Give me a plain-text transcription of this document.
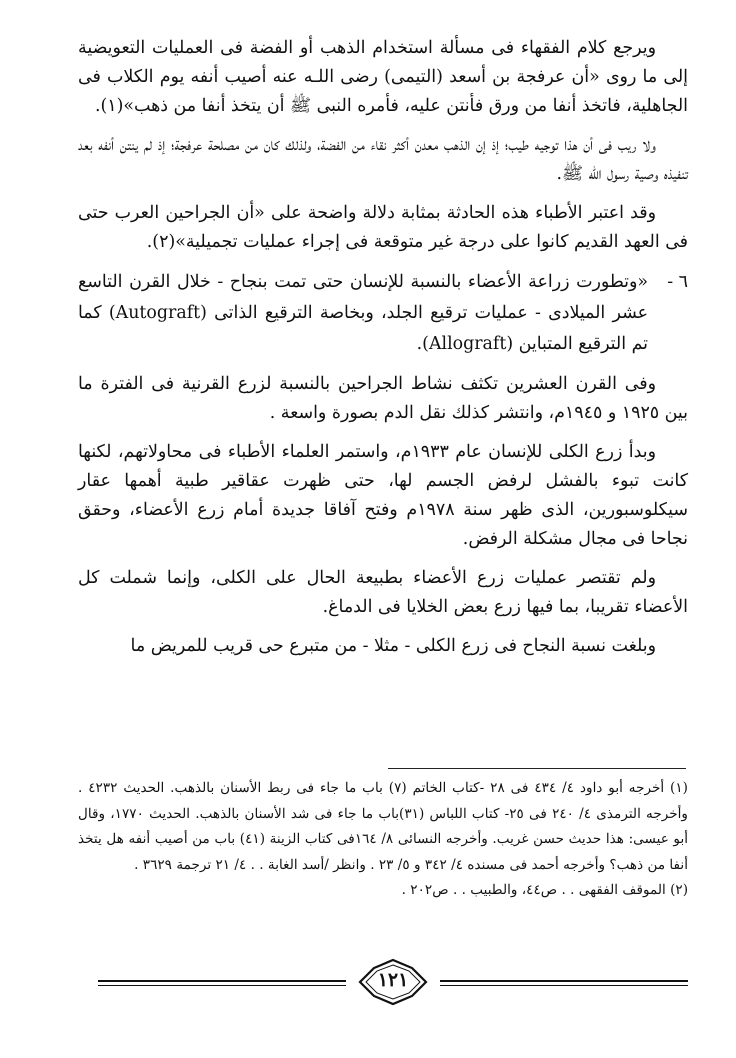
ويرجع كلام الفقهاء فى مسألة استخدام الذهب أو الفضة فى العمليات التعويضية إلى ما روى «أن عرفجة بن أسعد (التيمى) رضى اللـه عنه أصيب أنفه يوم الكلاب فى الجاهلية، فاتخذ أنفا من ورق فأنتن عليه، فأمره النبى ﷺ أن يتخذ أنفا من ذهب»(١).

ولا ريب فى أن هذا توجيه طيب؛ إذ إن الذهب معدن أكثر نقاء من الفضة، ولذلك كان من مصلحة عرفجة؛ إذ لم ينتن أنفه بعد تنفيذه وصية رسول الله ﷺ.

وقد اعتبر الأطباء هذه الحادثة بمثابة دلالة واضحة على «أن الجراحين العرب حتى فى العهد القديم كانوا على درجة غير متوقعة فى إجراء عمليات تجميلية»(٢).

٦ -
«وتطورت زراعة الأعضاء بالنسبة للإنسان حتى تمت بنجاح - خلال القرن التاسع عشر الميلادى - عمليات ترقيع الجلد، وبخاصة الترقيع الذاتى (Autograft) كما تم الترقيع المتباين (Allograft).

وفى القرن العشرين تكثف نشاط الجراحين بالنسبة لزرع القرنية فى الفترة ما بين ١٩٢٥ و ١٩٤٥م، وانتشر كذلك نقل الدم بصورة واسعة .

وبدأ زرع الكلى للإنسان عام ١٩٣٣م، واستمر العلماء الأطباء فى محاولاتهم، لكنها كانت تبوء بالفشل لرفض الجسم لها، حتى ظهرت عقاقير طبية أهمها عقار سيكلوسبورين، الذى ظهر سنة ١٩٧٨م وفتح آفاقا جديدة أمام زرع الأعضاء، وحقق نجاحا فى مجال مشكلة الرفض.

ولم تقتصر عمليات زرع الأعضاء بطبيعة الحال على الكلى، وإنما شملت كل الأعضاء تقريبا، بما فيها زرع بعض الخلايا فى الدماغ.

وبلغت نسبة النجاح فى زرع الكلى - مثلا - من متبرع حى قريب للمريض ما

(١) أخرجه أبو داود ٤/ ٤٣٤ فى ٢٨ -كتاب الخاتم (٧) باب ما جاء فى ربط الأسنان بالذهب. الحديث ٤٢٣٢ . وأخرجه الترمذى ٤/ ٢٤٠ فى ٢٥- كتاب اللباس (٣١)باب ما جاء فى شد الأسنان بالذهب. الحديث ١٧٧٠، وقال أبو عيسى: هذا حديث حسن غريب. وأخرجه النسائى ٨/ ١٦٤فى كتاب الزينة (٤١) باب من أصيب أنفه هل يتخذ أنفا من ذهب؟ وأخرجه أحمد فى مسنده ٤/ ٣٤٢ و ٥/ ٢٣ . وانظر /أسد الغابة . . ٤/ ٢١ ترجمة ٣٦٢٩ .

(٢) الموقف الفقهى . . ص٤٤، والطبيب . . ص٢٠٢ .

١٢١
